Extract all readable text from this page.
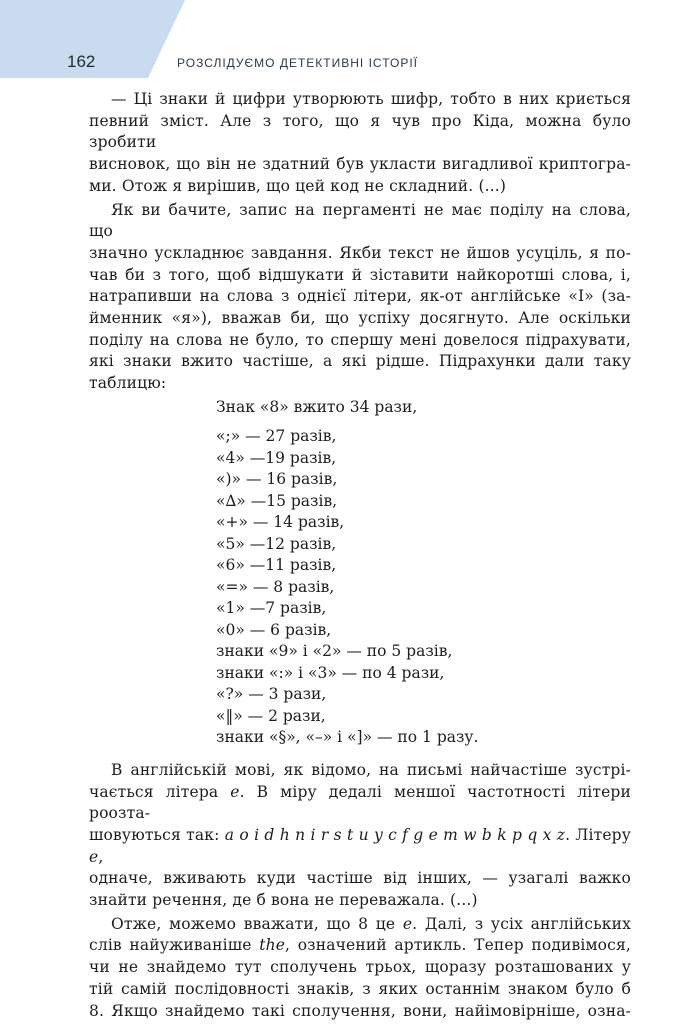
162	РОЗСЛІДУЄМО ДЕТЕКТИВНІ ІСТОРІЇ
— Ці знаки й цифри утворюють шифр, тобто в них криється
певний зміст. Але з того, що я чув про Кіда, можна було зробити
висновок, що він не здатний був укласти вигадливої криптогра-
ми. Отож я вирішив, що цей код не складний. (...)
Як ви бачите, запис на пергаменті не має поділу на слова, що
значно ускладнює завдання. Якби текст не йшов усуціль, я по-
чав би з того, щоб відшукати й зіставити найкоротші слова, і,
натрапивши на слова з однієї літери, як-от англійське «I» (за-
йменник «я»), вважав би, що успіху досягнуто. Але оскільки
поділу на слова не було, то спершу мені довелося підрахувати,
які знаки вжито частіше, а які рідше. Підрахунки дали таку
таблицю:
Знак «8» вжито 34 рази,
«;» — 27 разів,
«4» —19 разів,
«)» — 16 разів,
«∆» —15 разів,
«+» — 14 разів,
«5» —12 разів,
«6» —11 разів,
«=» — 8 разів,
«1» —7 разів,
«0» — 6 разів,
знаки «9» і «2» — по 5 разів,
знаки «:» і «3» — по 4 рази,
«?» — 3 рази,
«‖» — 2 рази,
знаки «§», «–» і «]» — по 1 разу.
В англійській мові, як відомо, на письмі найчастіше зустрі-
чається літера e. В міру дедалі меншої частотності літери роозта-
шовуються так: a o i d h n i r s t u y c f g e m w b k p q x z. Літеру e,
одначе, вживають куди частіше від інших, — узагалі важко
знайти речення, де б вона не переважала. (...)
Отже, можемо вважати, що 8 це e. Далі, з усіх англійських
слів найуживаніше the, означений артикль. Тепер подивімося,
чи не знайдемо тут сполучень трьох, щоразу розташованих у
тій самій послідовності знаків, з яких останнім знаком було б
8. Якщо знайдемо такі сполучення, вони, найімовірніше, озна-
